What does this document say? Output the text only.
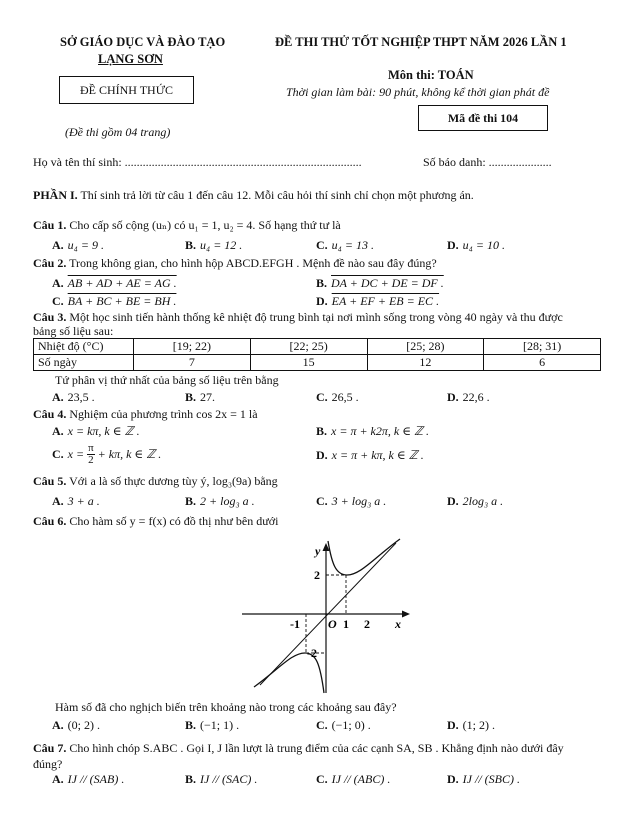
SỞ GIÁO DỤC VÀ ĐÀO TẠO
LẠNG SƠN
ĐỀ THI THỬ TỐT NGHIỆP THPT NĂM 2026 LẦN 1
Môn thi: TOÁN
Thời gian làm bài: 90 phút, không kể thời gian phát đề
ĐỀ CHÍNH THỨC
(Đề thi gồm 04 trang)
Mã đề thi 104
Họ và tên thí sinh: ...............................................................................	Số báo danh: .....................
PHẦN I. Thí sinh trả lời từ câu 1 đến câu 12. Mỗi câu hỏi thí sinh chỉ chọn một phương án.
Câu 1. Cho cấp số cộng (uₙ) có u₁ = 1, u₂ = 4. Số hạng thứ tư là
A. u₄ = 9 .	B. u₄ = 12 .	C. u₄ = 13 .	D. u₄ = 10 .
Câu 2. Trong không gian, cho hình hộp ABCD.EFGH . Mệnh đề nào sau đây đúng?
A. AB + AD + AE = AG .	B. DA + DC + DE = DF .
C. BA + BC + BE = BH .	D. EA + EF + EB = EC .
Câu 3. Một học sinh tiến hành thống kê nhiệt độ trung bình tại nơi mình sống trong vòng 40 ngày và thu được
bảng số liệu sau:
Nhiệt độ (°C)	[19; 22)	[22; 25)	[25; 28)	[28; 31)
Số ngày	7	15	12	6
Tứ phân vị thứ nhất của bảng số liệu trên bằng
A. 23,5 .	B. 27.	C. 26,5 .	D. 22,6 .
Câu 4. Nghiệm của phương trình cos 2x = 1 là
A. x = kπ, k ∈ ℤ .	B. x = π + k2π, k ∈ ℤ .
C. $x = \frac{\pi}{2} + k\pi$, k ∈ ℤ .	D. x = π + kπ, k ∈ ℤ .
Câu 5. Với a là số thực dương tùy ý, log₃(9a) bằng
A. 3 + a .	B. 2 + log₃ a .	C. 3 + log₃ a .	D. 2log₃ a .
Câu 6. Cho hàm số y = f(x) có đồ thị như bên dưới
y
x
O
2
-2
-1	1 2
Hàm số đã cho nghịch biến trên khoảng nào trong các khoảng sau đây?
A. (0; 2) .	B. (−1; 1) .	C. (−1; 0) .	D. (1; 2) .
Câu 7. Cho hình chóp S.ABC . Gọi I, J lần lượt là trung điểm của các cạnh SA, SB . Khẳng định nào dưới đây
đúng?
A. IJ // (SAB) .	B. IJ // (SAC) .	C. IJ // (ABC) .	D. IJ // (SBC) .
